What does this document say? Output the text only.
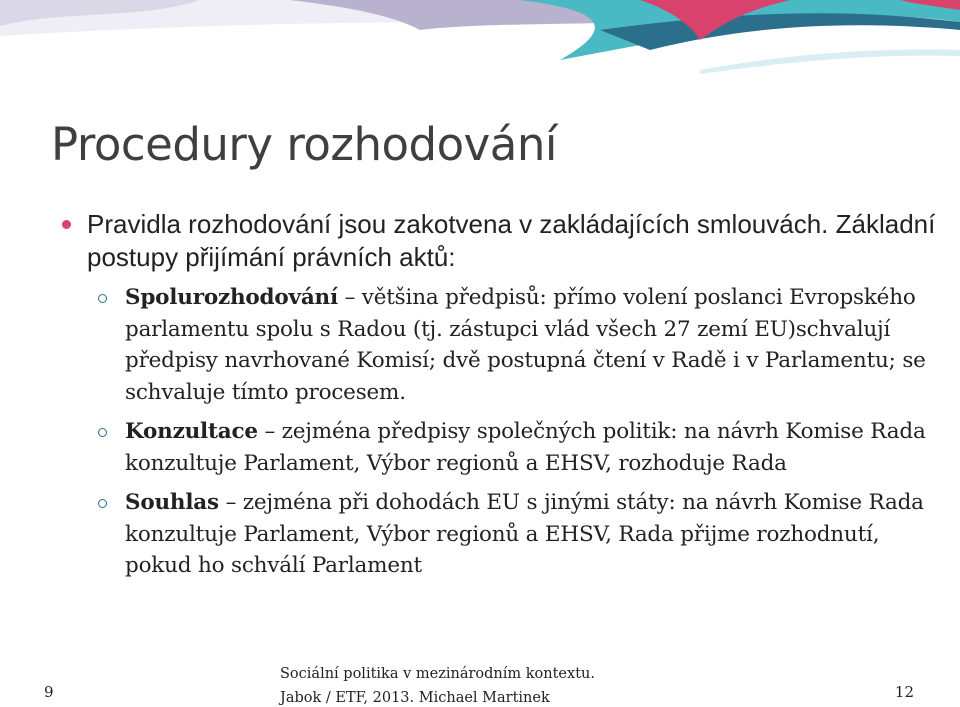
Procedury rozhodování
Pravidla rozhodování jsou zakotvena v zakládajících smlouvách. Základní postupy přijímání právních aktů:
Spolurozhodování – většina předpisů: přímo volení poslanci Evropského parlamentu spolu s Radou (tj. zástupci vlád všech 27 zemí EU)schvalují předpisy navrhované Komisí; dvě postupná čtení v Radě i v Parlamentu; se schvaluje tímto procesem.
Konzultace – zejména předpisy společných politik: na návrh Komise Rada konzultuje Parlament, Výbor regionů a EHSV, rozhoduje Rada
Souhlas – zejména při dohodách EU s jinými státy: na návrh Komise Rada konzultuje Parlament, Výbor regionů a EHSV, Rada přijme rozhodnutí, pokud ho schválí Parlament
Sociální politika v mezinárodním kontextu.
Jabok / ETF, 2013. Michael Martinek
9	12
